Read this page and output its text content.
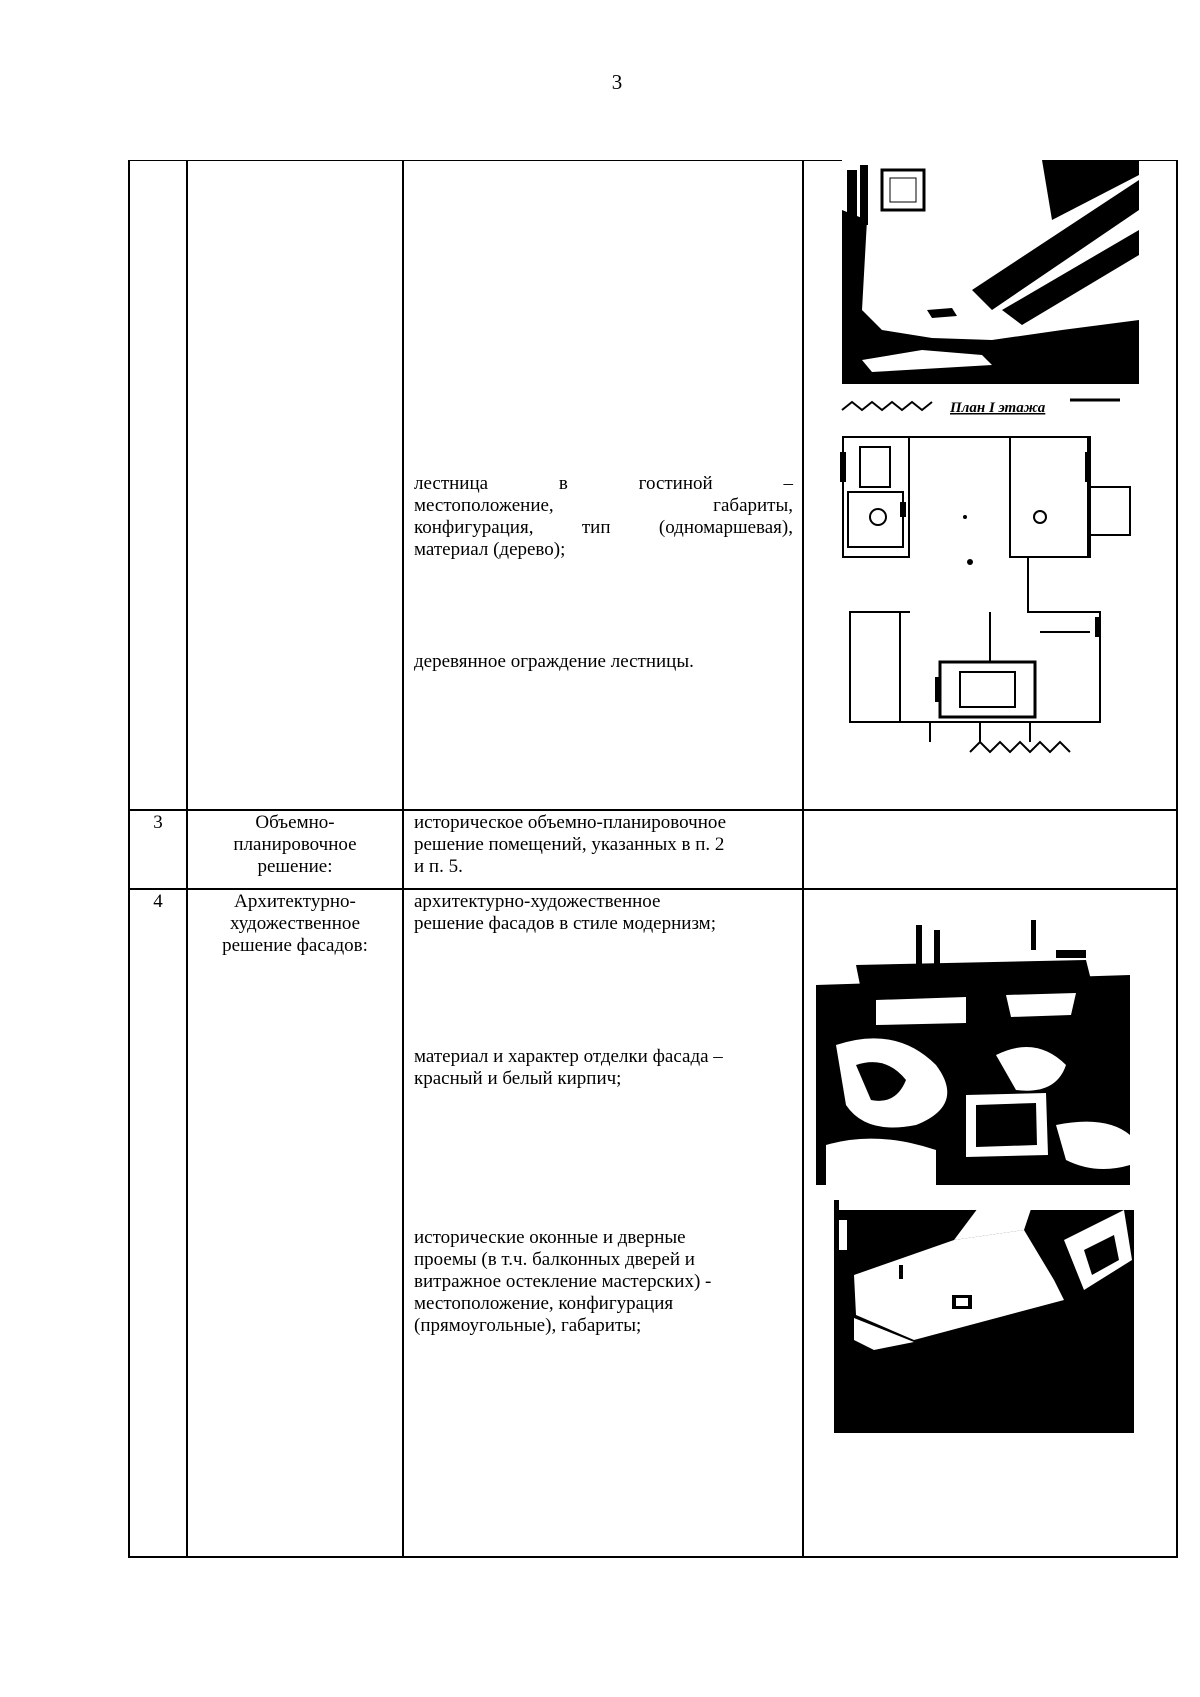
3
лестница в гостиной –
местоположение, габариты,
конфигурация, тип (одномаршевая),
материал (дерево);
деревянное ограждение лестницы.
План I этажа
3	Объемно-
планировочное
решение:
историческое объемно-планировочное
решение помещений, указанных в п. 2
и п. 5.
4	Архитектурно-
художественное
решение фасадов:
архитектурно-художественное
решение фасадов в стиле модернизм;
материал и характер отделки фасада –
красный и белый кирпич;
исторические оконные и дверные
проемы (в т.ч. балконных дверей и
витражное остекление мастерских) -
местоположение, конфигурация
(прямоугольные), габариты;
